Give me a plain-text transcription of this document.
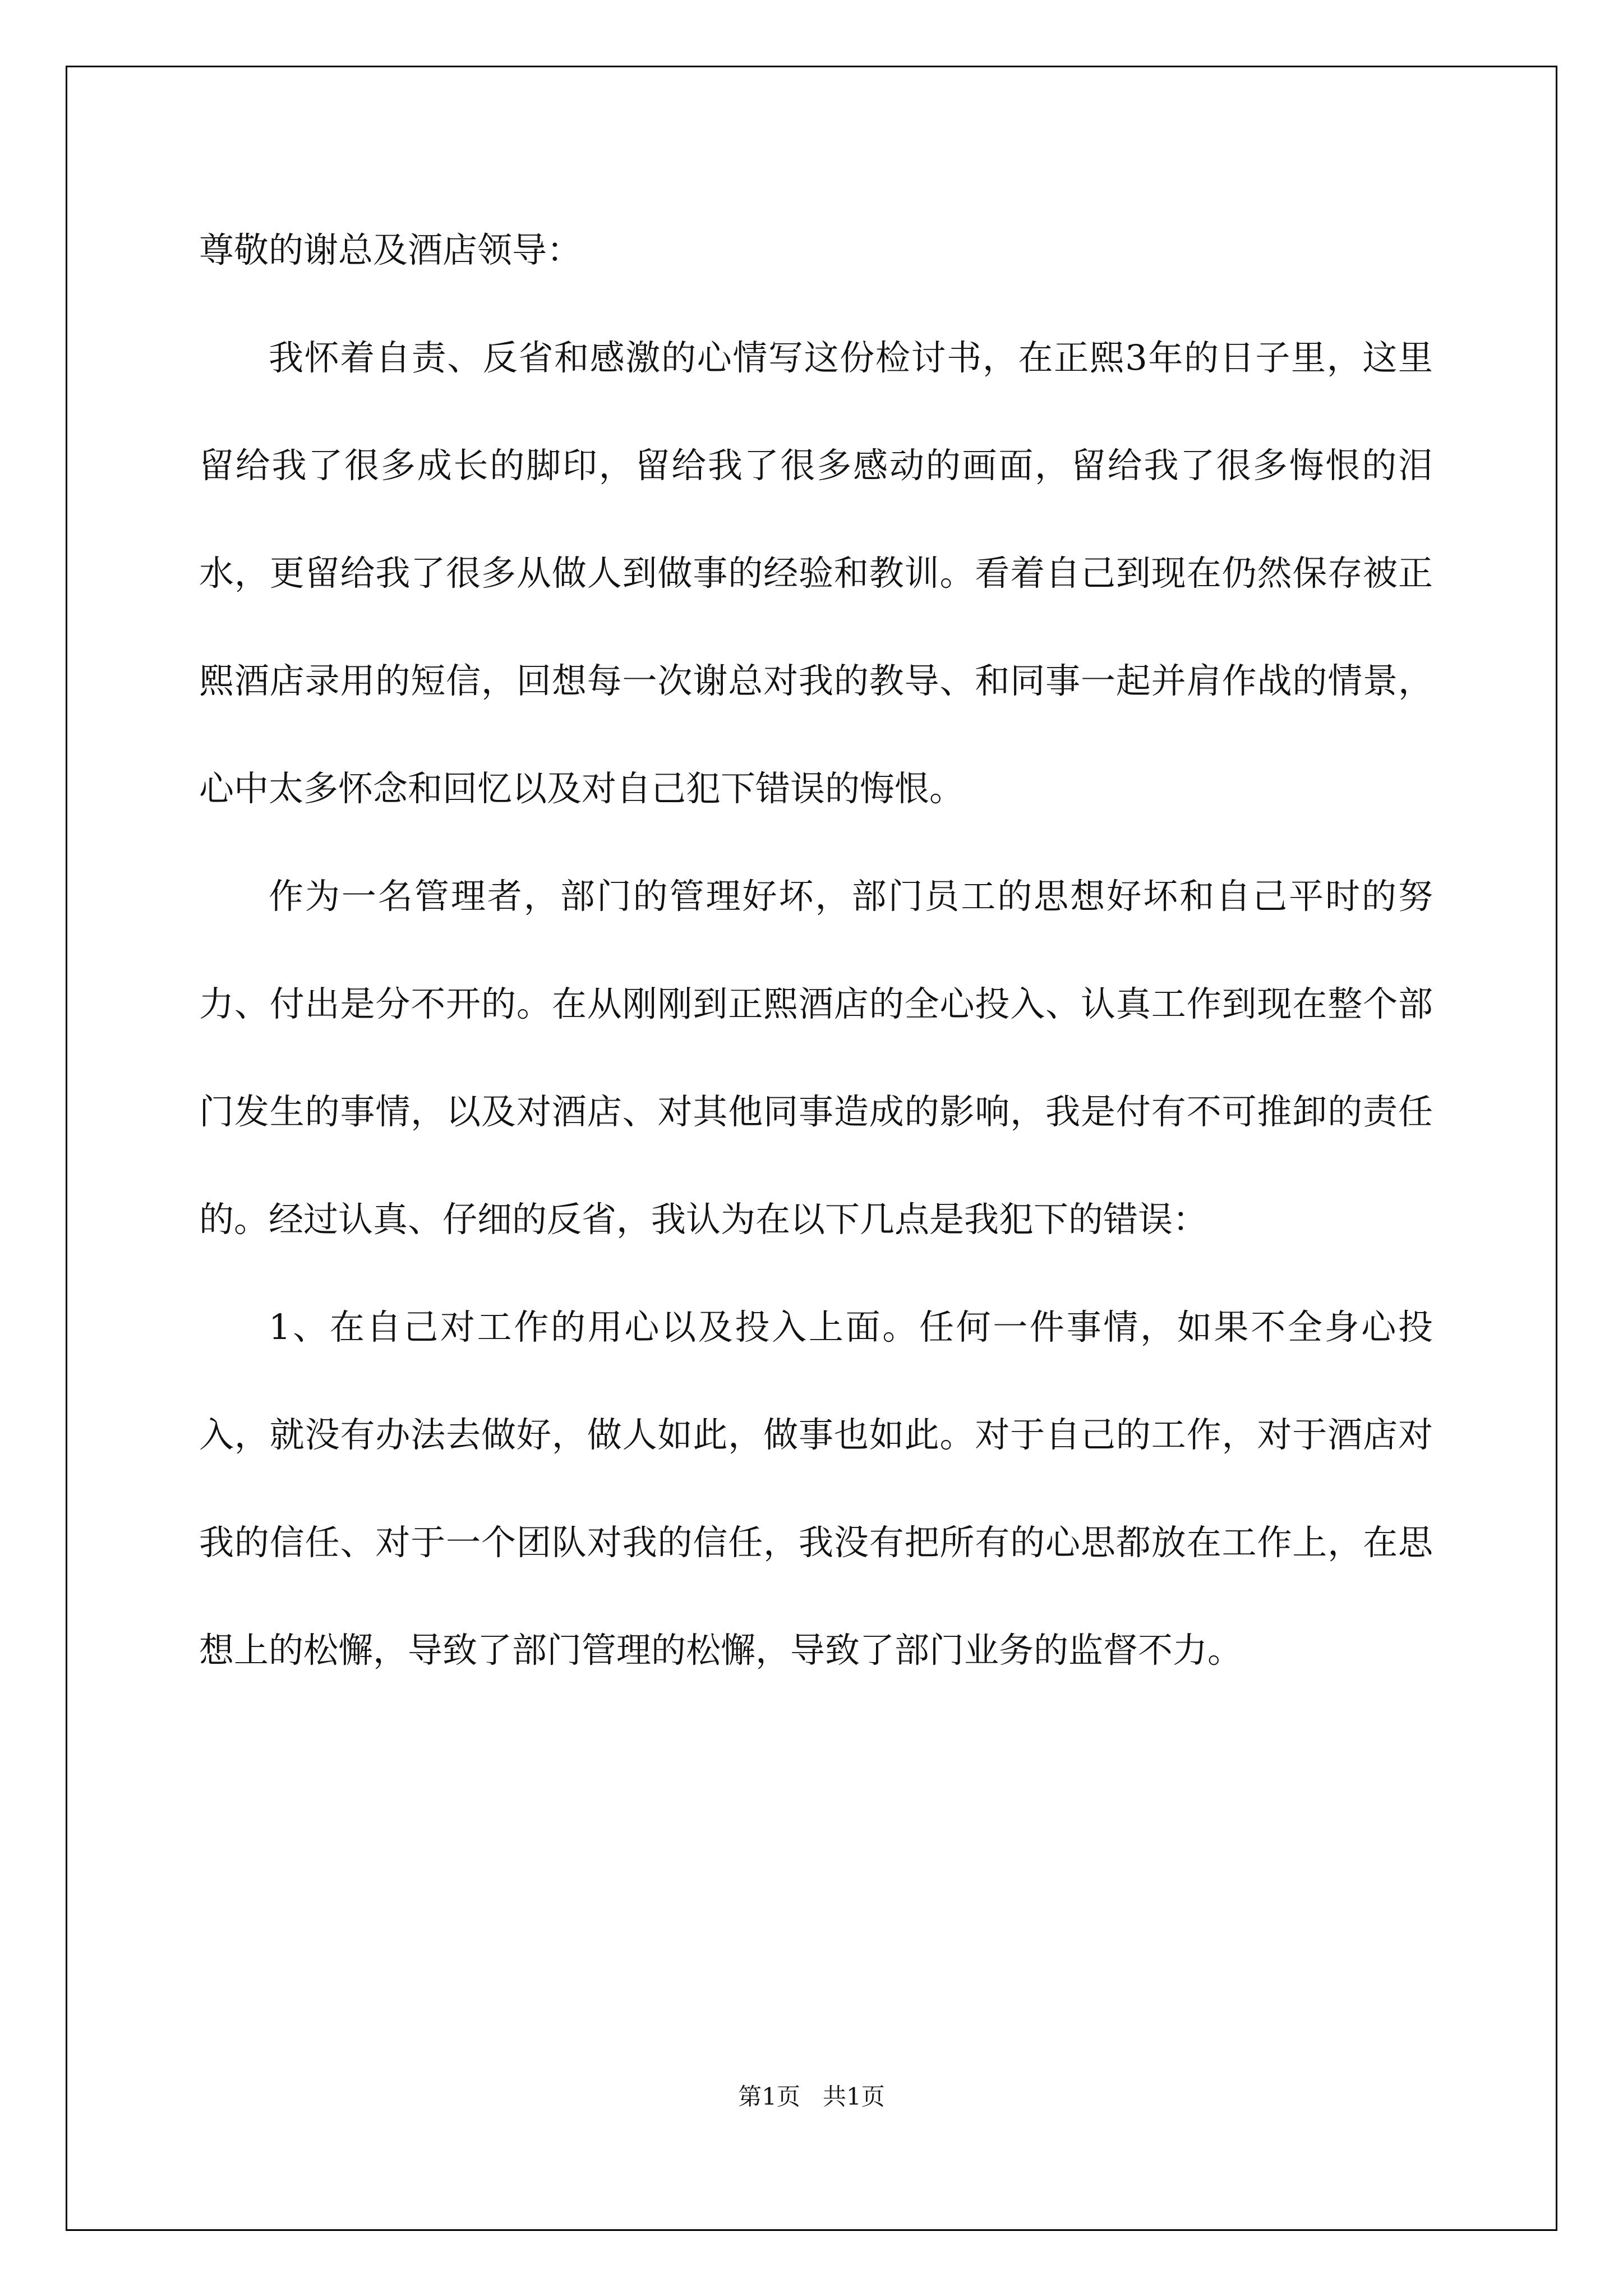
尊敬的谢总及酒店领导：

我怀着自责、反省和感激的心情写这份检讨书，在正熙3年的日子里，这里留给我了很多成长的脚印，留给我了很多感动的画面，留给我了很多悔恨的泪水，更留给我了很多从做人到做事的经验和教训。看着自己到现在仍然保存被正熙酒店录用的短信，回想每一次谢总对我的教导、和同事一起并肩作战的情景，心中太多怀念和回忆以及对自己犯下错误的悔恨。

作为一名管理者，部门的管理好坏，部门员工的思想好坏和自己平时的努力、付出是分不开的。在从刚刚到正熙酒店的全心投入、认真工作到现在整个部门发生的事情，以及对酒店、对其他同事造成的影响，我是付有不可推卸的责任的。经过认真、仔细的反省，我认为在以下几点是我犯下的错误：

1、在自己对工作的用心以及投入上面。任何一件事情，如果不全身心投入，就没有办法去做好，做人如此，做事也如此。对于自己的工作，对于酒店对我的信任、对于一个团队对我的信任，我没有把所有的心思都放在工作上，在思想上的松懈，导致了部门管理的松懈，导致了部门业务的监督不力。

第1页   共1页
